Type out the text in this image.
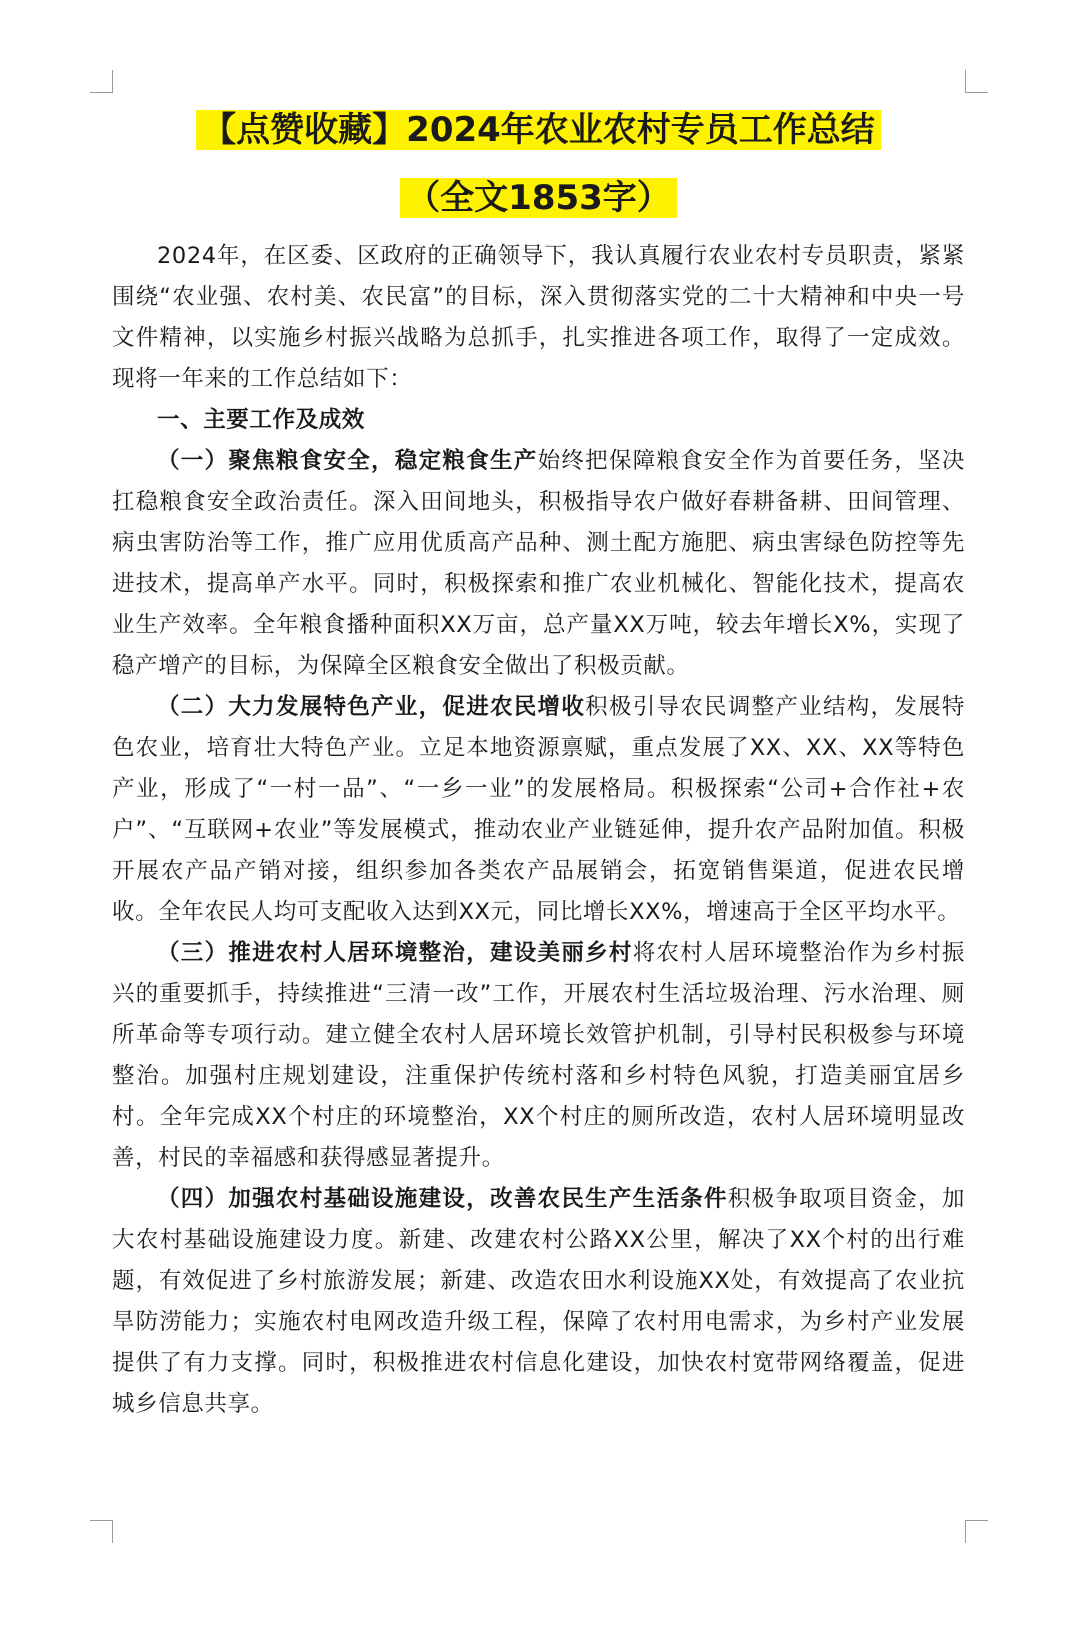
【点赞收藏】2024年农业农村专员工作总结
（全文1853字）

2024年，在区委、区政府的正确领导下，我认真履行农业农村专员职责，紧紧围绕“农业强、农村美、农民富”的目标，深入贯彻落实党的二十大精神和中央一号文件精神，以实施乡村振兴战略为总抓手，扎实推进各项工作，取得了一定成效。现将一年来的工作总结如下：

一、主要工作及成效

（一）聚焦粮食安全，稳定粮食生产始终把保障粮食安全作为首要任务，坚决扛稳粮食安全政治责任。深入田间地头，积极指导农户做好春耕备耕、田间管理、病虫害防治等工作，推广应用优质高产品种、测土配方施肥、病虫害绿色防控等先进技术，提高单产水平。同时，积极探索和推广农业机械化、智能化技术，提高农业生产效率。全年粮食播种面积XX万亩，总产量XX万吨，较去年增长X%，实现了稳产增产的目标，为保障全区粮食安全做出了积极贡献。

（二）大力发展特色产业，促进农民增收积极引导农民调整产业结构，发展特色农业，培育壮大特色产业。立足本地资源禀赋，重点发展了XX、XX、XX等特色产业，形成了“一村一品”、“一乡一业”的发展格局。积极探索“公司+合作社+农户”、“互联网+农业”等发展模式，推动农业产业链延伸，提升农产品附加值。积极开展农产品产销对接，组织参加各类农产品展销会，拓宽销售渠道，促进农民增收。全年农民人均可支配收入达到XX元，同比增长XX%，增速高于全区平均水平。

（三）推进农村人居环境整治，建设美丽乡村将农村人居环境整治作为乡村振兴的重要抓手，持续推进“三清一改”工作，开展农村生活垃圾治理、污水治理、厕所革命等专项行动。建立健全农村人居环境长效管护机制，引导村民积极参与环境整治。加强村庄规划建设，注重保护传统村落和乡村特色风貌，打造美丽宜居乡村。全年完成XX个村庄的环境整治，XX个村庄的厕所改造，农村人居环境明显改善，村民的幸福感和获得感显著提升。

（四）加强农村基础设施建设，改善农民生产生活条件积极争取项目资金，加大农村基础设施建设力度。新建、改建农村公路XX公里，解决了XX个村的出行难题，有效促进了乡村旅游发展；新建、改造农田水利设施XX处，有效提高了农业抗旱防涝能力；实施农村电网改造升级工程，保障了农村用电需求，为乡村产业发展提供了有力支撑。同时，积极推进农村信息化建设，加快农村宽带网络覆盖，促进城乡信息共享。
